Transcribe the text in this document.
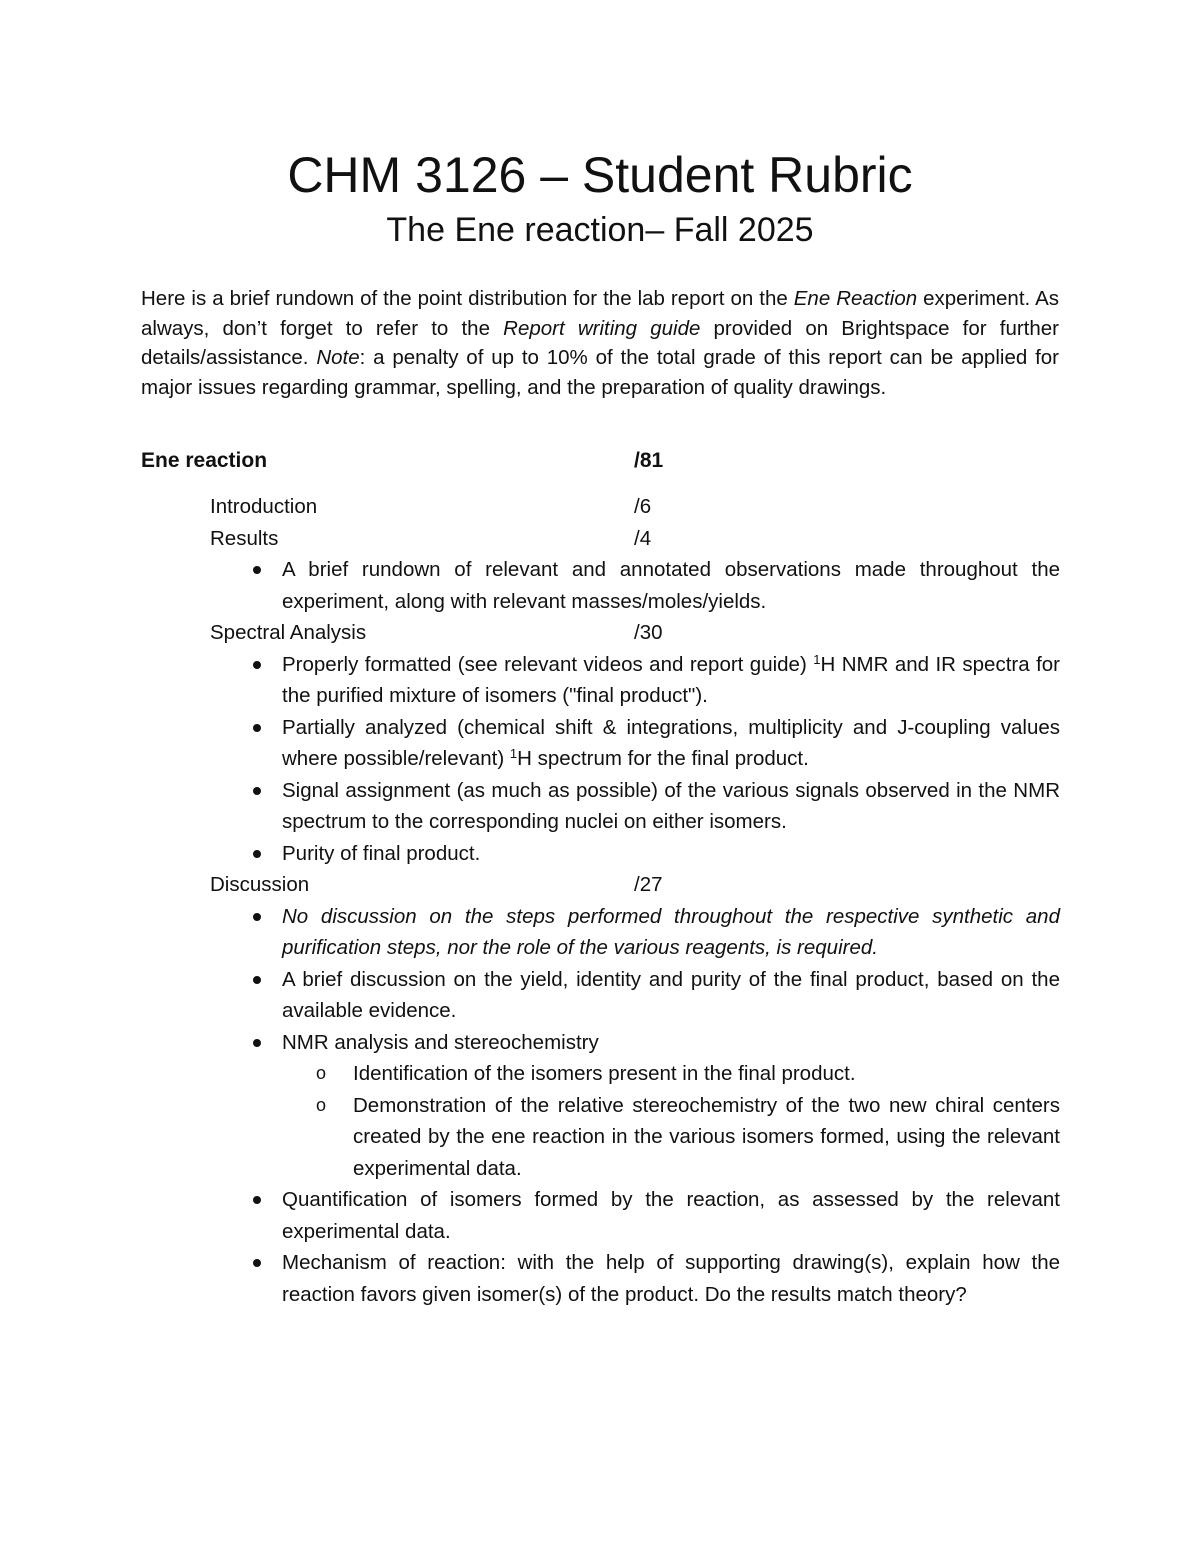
CHM 3126 – Student Rubric
The Ene reaction– Fall 2025

Here is a brief rundown of the point distribution for the lab report on the Ene Reaction experiment. As always, don’t forget to refer to the Report writing guide provided on Brightspace for further details/assistance. Note: a penalty of up to 10% of the total grade of this report can be applied for major issues regarding grammar, spelling, and the preparation of quality drawings.

Ene reaction	/81
Introduction	/6
Results	/4
A brief rundown of relevant and annotated observations made throughout the experiment, along with relevant masses/moles/yields.
Spectral Analysis	/30
Properly formatted (see relevant videos and report guide) $^1$H NMR and IR spectra for the purified mixture of isomers ("final product").
Partially analyzed (chemical shift & integrations, multiplicity and J-coupling values where possible/relevant) $^1$H spectrum for the final product.
Signal assignment (as much as possible) of the various signals observed in the NMR spectrum to the corresponding nuclei on either isomers.
Purity of final product.
Discussion	/27
No discussion on the steps performed throughout the respective synthetic and purification steps, nor the role of the various reagents, is required.
A brief discussion on the yield, identity and purity of the final product, based on the available evidence.
NMR analysis and stereochemistry
o Identification of the isomers present in the final product.
o Demonstration of the relative stereochemistry of the two new chiral centers created by the ene reaction in the various isomers formed, using the relevant experimental data.
Quantification of isomers formed by the reaction, as assessed by the relevant experimental data.
Mechanism of reaction: with the help of supporting drawing(s), explain how the reaction favors given isomer(s) of the product. Do the results match theory?
